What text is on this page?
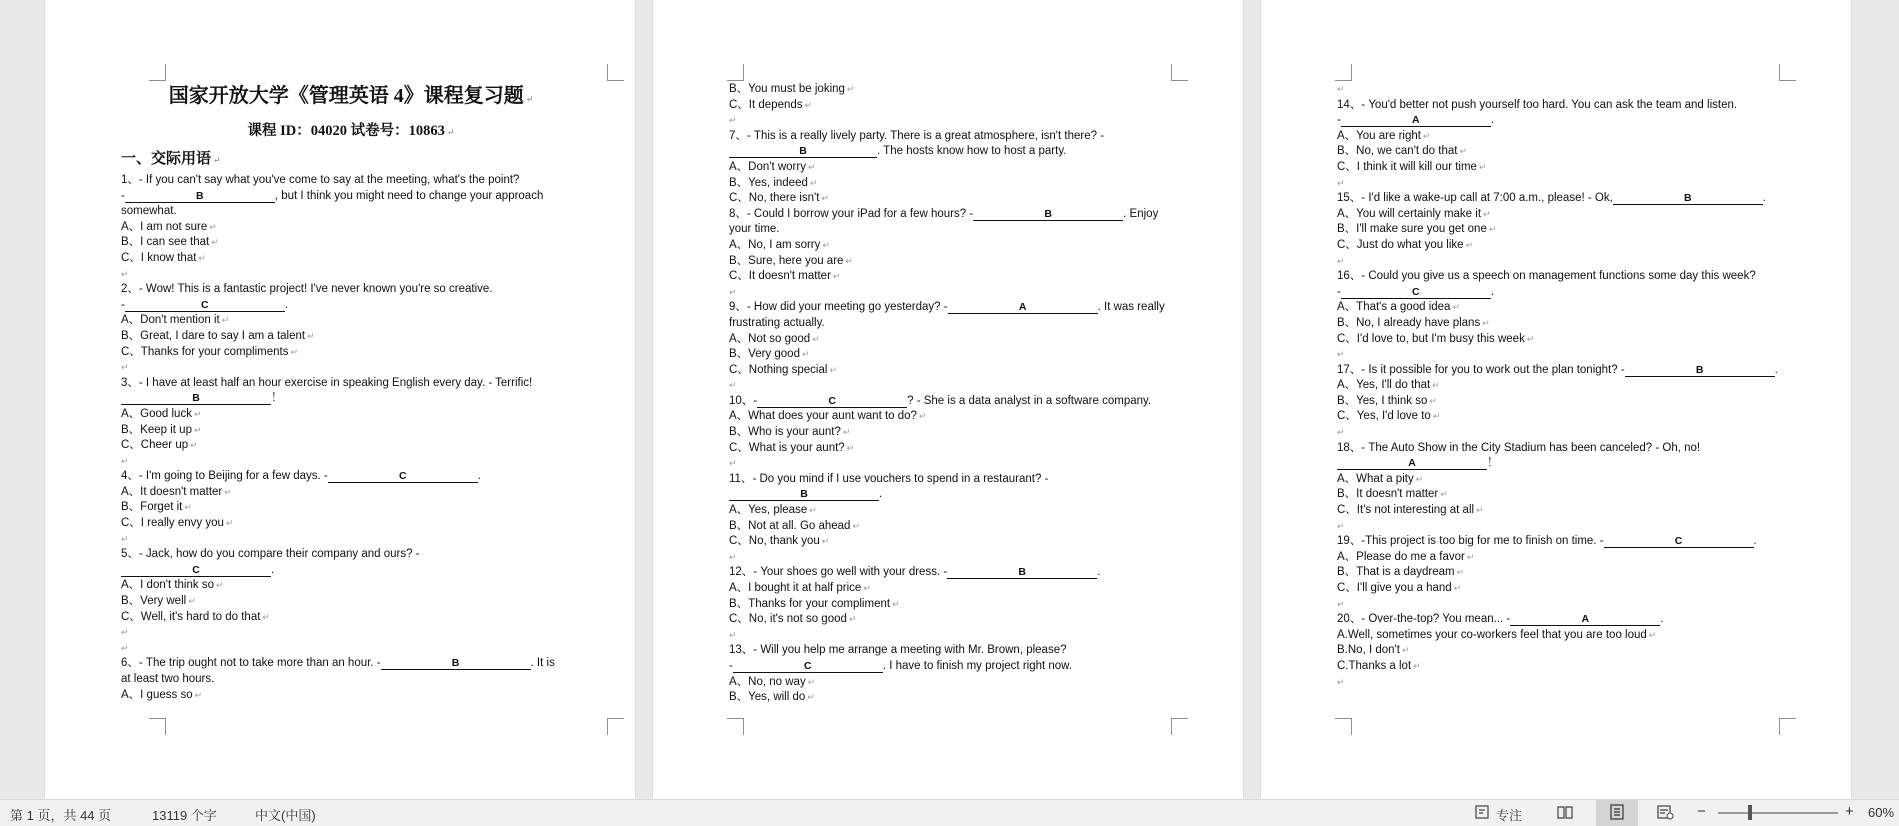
国家开放大学《管理英语 4》课程复习题 ↵
课程 ID：04020 试卷号：10863 ↵
一、交际用语 ↵
1、- If you can't say what you've come to say at the meeting, what's the point?
-	B	, but I think you might need to change your approach
somewhat.
A、I am not sure ↵
B、I can see that ↵
C、I know that ↵
↵
2、- Wow! This is a fantastic project! I've never known you're so creative.
-	C	.
A、Don't mention it ↵
B、Great, I dare to say I am a talent ↵
C、Thanks for your compliments ↵
↵
3、- I have at least half an hour exercise in speaking English every day. - Terrific!
B	！
A、Good luck ↵
B、Keep it up ↵
C、Cheer up ↵
↵
4、- I'm going to Beijing for a few days. -	C	.
A、It doesn't matter ↵
B、Forget it ↵
C、I really envy you ↵
↵
5、- Jack, how do you compare their company and ours? -
C	.
A、I don't think so ↵
B、Very well ↵
C、Well, it's hard to do that ↵
↵
↵
6、- The trip ought not to take more than an hour. -	B	. It is
at least two hours.
A、I guess so ↵
B、You must be joking ↵
C、It depends ↵
↵
7、- This is a really lively party. There is a great atmosphere, isn't there? -
B	. The hosts know how to host a party.
A、Don't worry ↵
B、Yes, indeed ↵
C、No, there isn't ↵
8、- Could I borrow your iPad for a few hours? -	B	. Enjoy
your time.
A、No, I am sorry ↵
B、Sure, here you are ↵
C、It doesn't matter ↵
↵
9、- How did your meeting go yesterday? -	A	. It was really
frustrating actually.
A、Not so good ↵
B、Very good ↵
C、Nothing special ↵
↵
10、-	C	? - She is a data analyst in a software company.
A、What does your aunt want to do? ↵
B、Who is your aunt? ↵
C、What is your aunt? ↵
↵
11、- Do you mind if I use vouchers to spend in a restaurant? -
B	.
A、Yes, please ↵
B、Not at all. Go ahead ↵
C、No, thank you ↵
↵
12、- Your shoes go well with your dress. -	B	.
A、I bought it at half price ↵
B、Thanks for your compliment ↵
C、No, it's not so good ↵
↵
13、- Will you help me arrange a meeting with Mr. Brown, please?
-	C	. I have to finish my project right now.
A、No, no way ↵
B、Yes, will do ↵
↵
14、- You'd better not push yourself too hard. You can ask the team and listen.
-	A	.
A、You are right ↵
B、No, we can't do that ↵
C、I think it will kill our time ↵
↵
15、- I'd like a wake-up call at 7:00 a.m., please! - Ok,	B	.
A、You will certainly make it ↵
B、I'll make sure you get one ↵
C、Just do what you like ↵
↵
16、- Could you give us a speech on management functions some day this week?
-	C	.
A、That's a good idea ↵
B、No, I already have plans ↵
C、I'd love to, but I'm busy this week ↵
↵
17、- Is it possible for you to work out the plan tonight? -	B	.
A、Yes, I'll do that ↵
B、Yes, I think so ↵
C、Yes, I'd love to ↵
↵
18、- The Auto Show in the City Stadium has been canceled? - Oh, no!
A	！
A、What a pity ↵
B、It doesn't matter ↵
C、It's not interesting at all ↵
↵
19、-This project is too big for me to finish on time. -	C	.
A、Please do me a favor ↵
B、That is a daydream ↵
C、I'll give you a hand ↵
↵
20、- Over-the-top? You mean... -	A	.
A.Well, sometimes your co-workers feel that you are too loud ↵
B.No, I don't ↵
C.Thanks a lot ↵
↵
第 1 页，共 44 页	13119 个字	中文(中国)	专注	−	+ 60%
